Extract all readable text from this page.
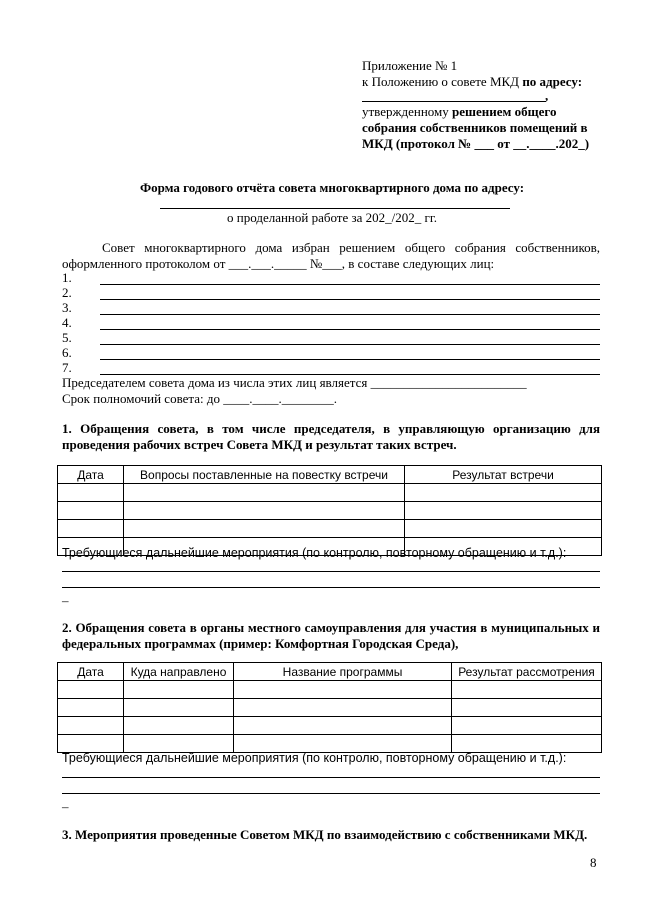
Приложение № 1
к Положению о совете МКД по адресу:
,
утвержденному решением общего
собрания собственников помещений в
МКД (протокол № ___ от __.____.202_)
Форма годового отчёта совета многоквартирного дома по адресу:
о проделанной работе за 202_/202_ гг.
Совет многоквартирного дома избран решением общего собрания собственников, оформленного протоколом от ___.___._____ №___, в составе следующих лиц:
1.
2.
3.
4.
5.
6.
7.
Председателем совета дома из числа этих лиц является ________________________
Срок полномочий совета: до ____.____.________.
1. Обращения совета, в том числе председателя, в управляющую организацию для проведения рабочих встреч Совета МКД и результат таких встреч.
Дата	Вопросы поставленные на повестку встречи	Результат встречи

Требующиеся дальнейшие мероприятия (по контролю, повторному обращению и т.д.):
–
2. Обращения совета в органы местного самоуправления для участия в муниципальных и федеральных программах (пример: Комфортная Городская Среда),
Дата	Куда направлено	Название программы	Результат рассмотрения

Требующиеся дальнейшие мероприятия (по контролю, повторному обращению и т.д.):
–
3. Мероприятия проведенные Советом МКД по взаимодействию с собственниками МКД.
8
